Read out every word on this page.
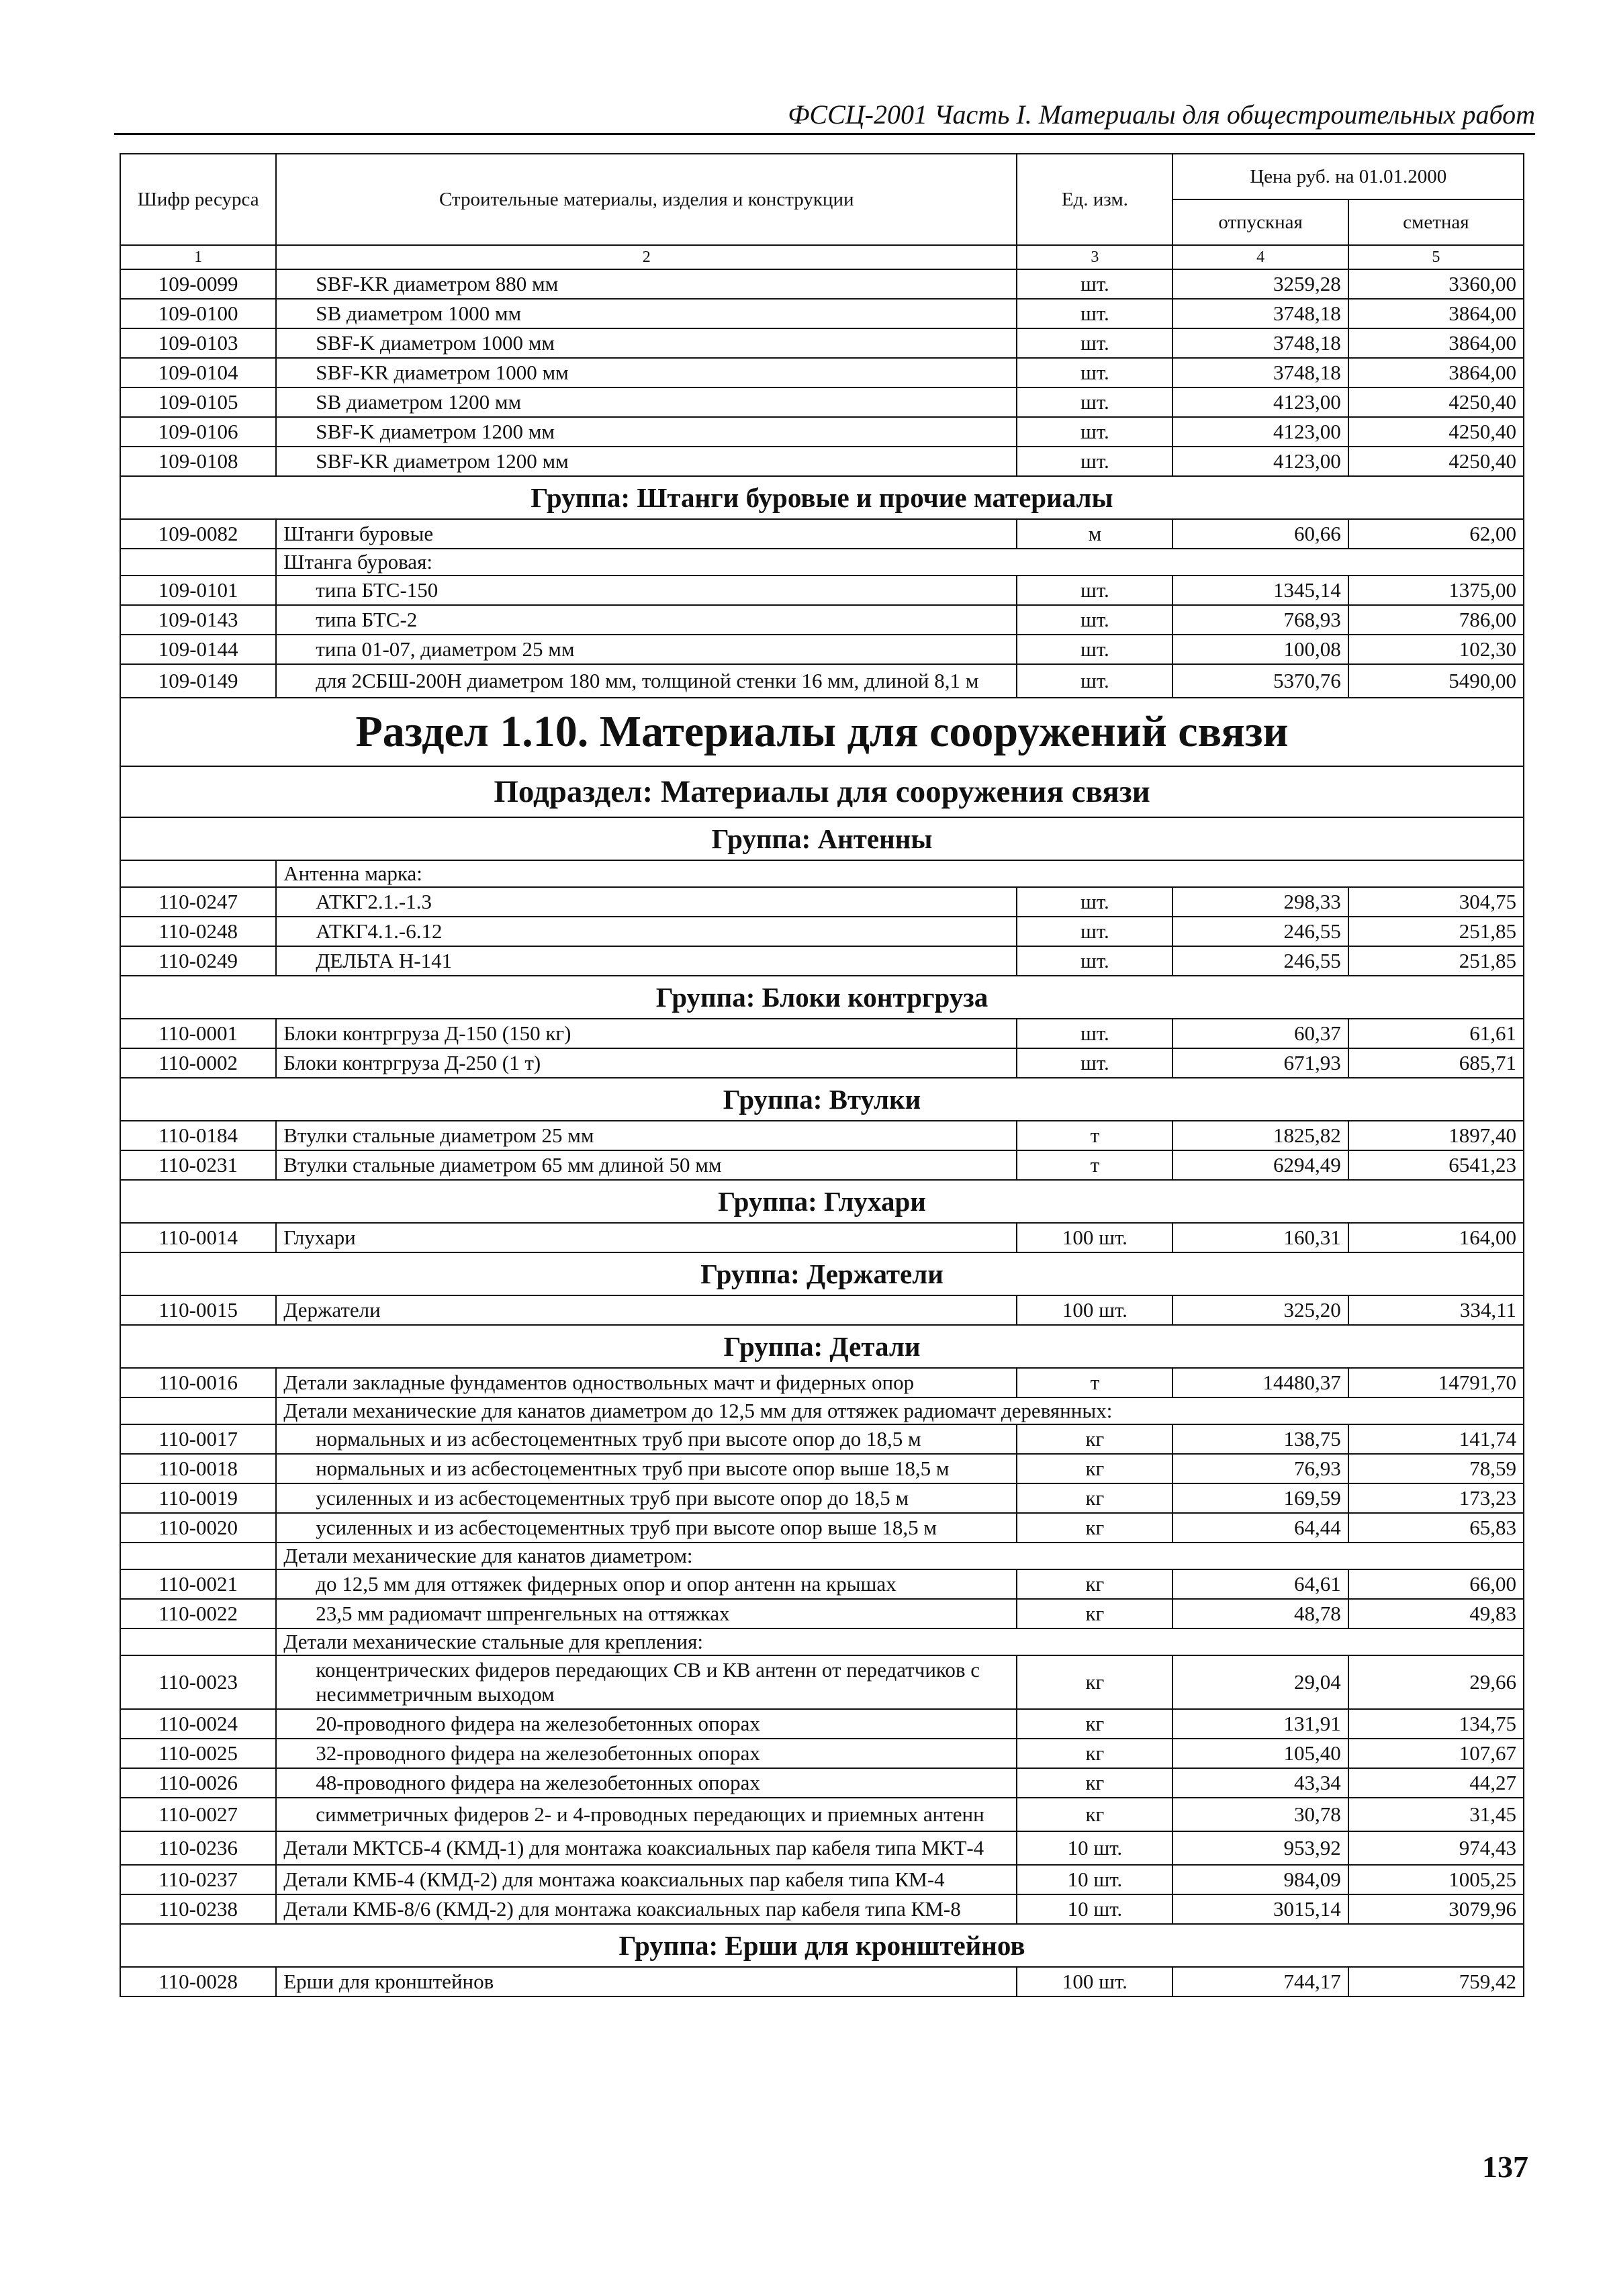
ФССЦ-2001 Часть I. Материалы для общестроительных работ
Шифр ресурса	Строительные материалы, изделия и конструкции	Ед. изм.	Цена руб. на 01.01.2000	
			отпускная	сметная
1	2	3	4	5
109-0099	SBF-KR диаметром 880 мм	шт.	3259,28	3360,00
109-0100	SB диаметром 1000 мм	шт.	3748,18	3864,00
109-0103	SBF-K диаметром 1000 мм	шт.	3748,18	3864,00
109-0104	SBF-KR диаметром 1000 мм	шт.	3748,18	3864,00
109-0105	SB диаметром 1200 мм	шт.	4123,00	4250,40
109-0106	SBF-K диаметром 1200 мм	шт.	4123,00	4250,40
109-0108	SBF-KR диаметром 1200 мм	шт.	4123,00	4250,40
Группа: Штанги буровые и прочие материалы				
109-0082	Штанги буровые	м	60,66	62,00
	Штанга буровая:			
109-0101	типа БТС-150	шт.	1345,14	1375,00
109-0143	типа БТС-2	шт.	768,93	786,00
109-0144	типа 01-07, диаметром 25 мм	шт.	100,08	102,30
109-0149	для 2СБШ-200Н диаметром 180 мм, толщиной стенки 16 мм, длиной 8,1 м	шт.	5370,76	5490,00
Раздел 1.10. Материалы для сооружений связи				
Подраздел: Материалы для сооружения связи				
Группа: Антенны				
	Антенна марка:			
110-0247	АТКГ2.1.-1.3	шт.	298,33	304,75
110-0248	АТКГ4.1.-6.12	шт.	246,55	251,85
110-0249	ДЕЛЬТА Н-141	шт.	246,55	251,85
Группа: Блоки контргруза				
110-0001	Блоки контргруза Д-150 (150 кг)	шт.	60,37	61,61
110-0002	Блоки контргруза Д-250 (1 т)	шт.	671,93	685,71
Группа: Втулки				
110-0184	Втулки стальные диаметром 25 мм	т	1825,82	1897,40
110-0231	Втулки стальные диаметром 65 мм длиной 50 мм	т	6294,49	6541,23
Группа: Глухари				
110-0014	Глухари	100 шт.	160,31	164,00
Группа: Держатели				
110-0015	Держатели	100 шт.	325,20	334,11
Группа: Детали				
110-0016	Детали закладные фундаментов одноствольных мачт и фидерных опор	т	14480,37	14791,70
	Детали механические для канатов диаметром до 12,5 мм для оттяжек радиомачт деревянных:			
110-0017	нормальных и из асбестоцементных труб при высоте опор до 18,5 м	кг	138,75	141,74
110-0018	нормальных и из асбестоцементных труб при высоте опор выше 18,5 м	кг	76,93	78,59
110-0019	усиленных и из асбестоцементных труб при высоте опор до 18,5 м	кг	169,59	173,23
110-0020	усиленных и из асбестоцементных труб при высоте опор выше 18,5 м	кг	64,44	65,83
	Детали механические для канатов диаметром:			
110-0021	до 12,5 мм для оттяжек фидерных опор и опор антенн на крышах	кг	64,61	66,00
110-0022	23,5 мм радиомачт шпренгельных на оттяжках	кг	48,78	49,83
	Детали механические стальные для крепления:			
110-0023	концентрических фидеров передающих СВ и КВ антенн от передатчиков с несимметричным выходом	кг	29,04	29,66
110-0024	20-проводного фидера на железобетонных опорах	кг	131,91	134,75
110-0025	32-проводного фидера на железобетонных опорах	кг	105,40	107,67
110-0026	48-проводного фидера на железобетонных опорах	кг	43,34	44,27
110-0027	симметричных фидеров 2- и 4-проводных передающих и приемных антенн	кг	30,78	31,45
110-0236	Детали МКТСБ-4 (КМД-1) для монтажа коаксиальных пар кабеля типа МКТ-4	10 шт.	953,92	974,43
110-0237	Детали КМБ-4 (КМД-2) для монтажа коаксиальных пар кабеля типа КМ-4	10 шт.	984,09	1005,25
110-0238	Детали КМБ-8/6 (КМД-2) для монтажа коаксиальных пар кабеля типа КМ-8	10 шт.	3015,14	3079,96
Группа: Ерши для кронштейнов				
110-0028	Ерши для кронштейнов	100 шт.	744,17	759,42
137
